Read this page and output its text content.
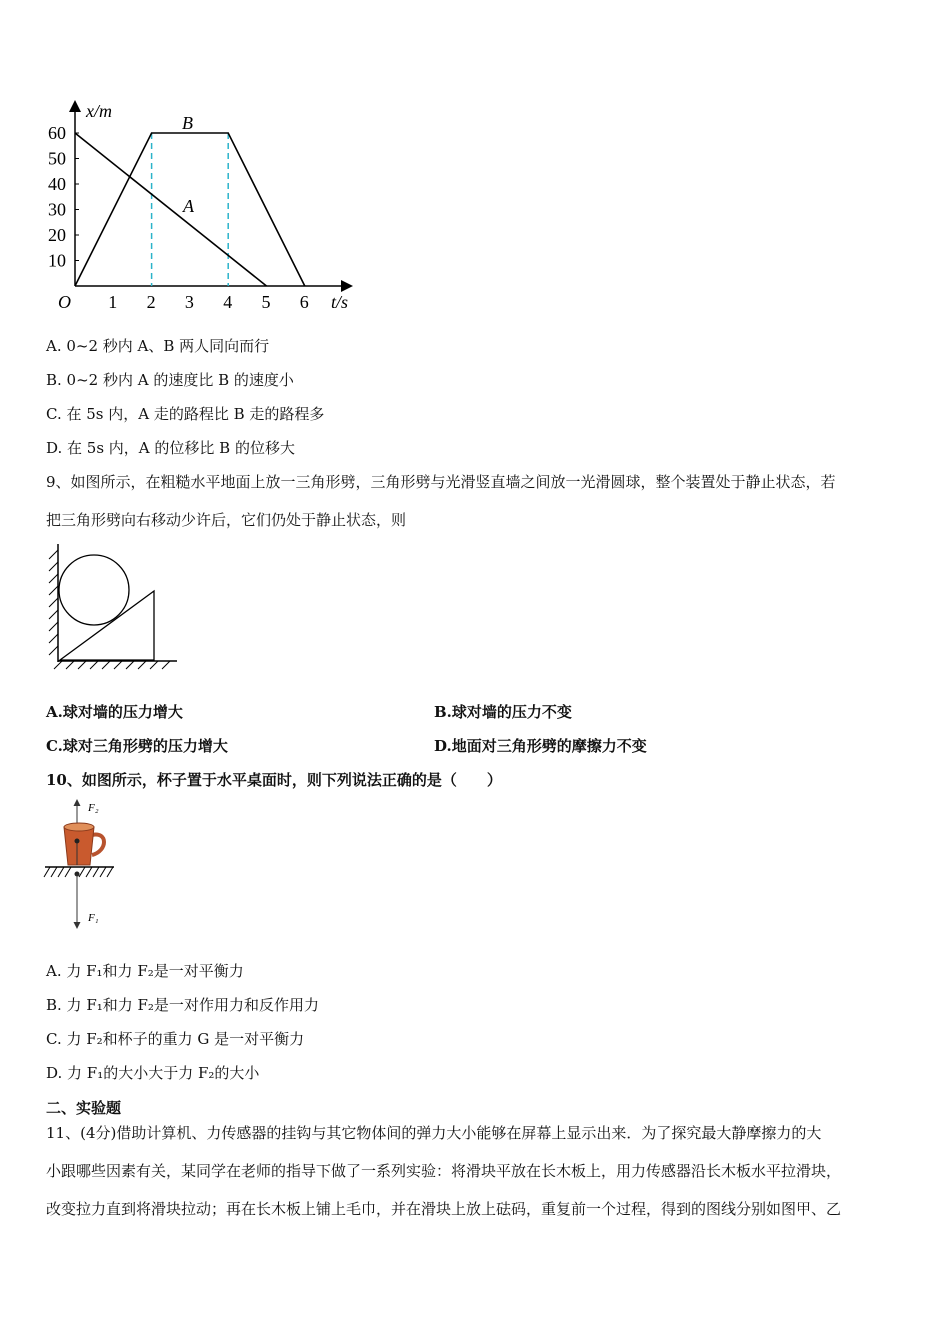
x/m
t/s
O 1 2 3 4 5 6
10
20
30
40
50
60	B
A
A. 0~2 秒内 A、B 两人同向而行
B. 0~2 秒内 A 的速度比 B 的速度小
C. 在 5s 内，A 走的路程比 B 走的路程多
D. 在 5s 内，A 的位移比 B 的位移大
9、如图所示，在粗糙水平地面上放一三角形劈，三角形劈与光滑竖直墙之间放一光滑圆球，整个装置处于静止状态，若
把三角形劈向右移动少许后，它们仍处于静止状态，则
A.球对墙的压力增大	B.球对墙的压力不变
C.球对三角形劈的压力增大	D.地面对三角形劈的摩擦力不变
10、如图所示，杯子置于水平桌面时，则下列说法正确的是（　　）
F₂
F₁
A. 力 F₁和力 F₂是一对平衡力
B. 力 F₁和力 F₂是一对作用力和反作用力
C. 力 F₂和杯子的重力 G 是一对平衡力
D. 力 F₁的大小大于力 F₂的大小
二、实验题
11、(4分)借助计算机、力传感器的挂钩与其它物体间的弹力大小能够在屏幕上显示出来．为了探究最大静摩擦力的大
小跟哪些因素有关，某同学在老师的指导下做了一系列实验：将滑块平放在长木板上，用力传感器沿长木板水平拉滑块，
改变拉力直到将滑块拉动；再在长木板上铺上毛巾，并在滑块上放上砝码，重复前一个过程，得到的图线分别如图甲、乙
